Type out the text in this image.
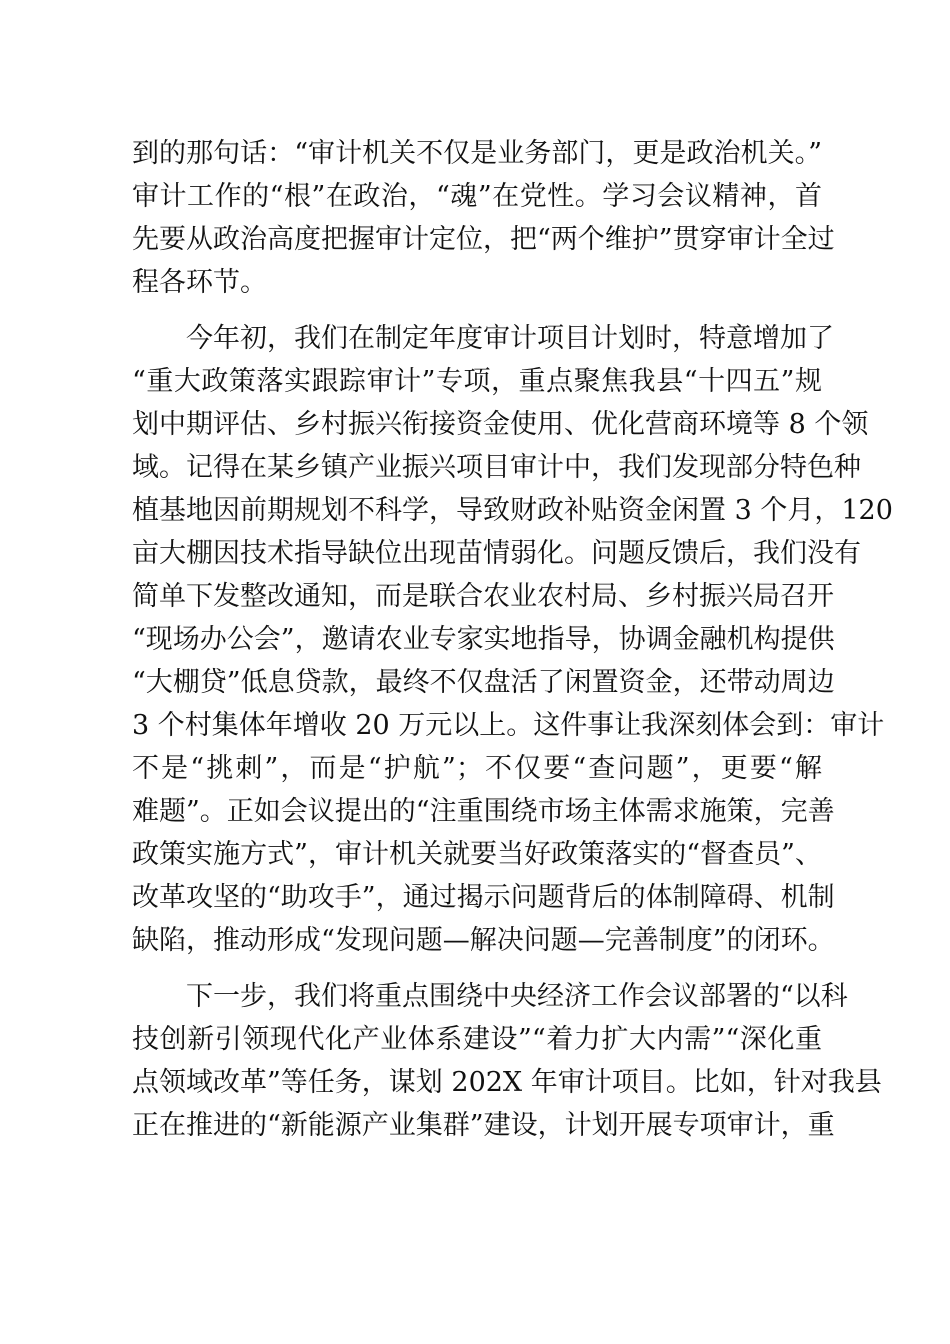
到的那句话：“审计机关不仅是业务部门，更是政治机关。”
审计工作的“根”在政治，“魂”在党性。学习会议精神，首
先要从政治高度把握审计定位，把“两个维护”贯穿审计全过
程各环节。
　　今年初，我们在制定年度审计项目计划时，特意增加了
“重大政策落实跟踪审计”专项，重点聚焦我县“十四五”规
划中期评估、乡村振兴衔接资金使用、优化营商环境等 8 个领
域。记得在某乡镇产业振兴项目审计中，我们发现部分特色种
植基地因前期规划不科学，导致财政补贴资金闲置 3 个月，120
亩大棚因技术指导缺位出现苗情弱化。问题反馈后，我们没有
简单下发整改通知，而是联合农业农村局、乡村振兴局召开
“现场办公会”，邀请农业专家实地指导，协调金融机构提供
“大棚贷”低息贷款，最终不仅盘活了闲置资金，还带动周边
3 个村集体年增收 20 万元以上。这件事让我深刻体会到：审计
不是“挑刺”，而是“护航”；不仅要“查问题”，更要“解
难题”。正如会议提出的“注重围绕市场主体需求施策，完善
政策实施方式”，审计机关就要当好政策落实的“督查员”、
改革攻坚的“助攻手”，通过揭示问题背后的体制障碍、机制
缺陷，推动形成“发现问题—解决问题—完善制度”的闭环。
　　下一步，我们将重点围绕中央经济工作会议部署的“以科
技创新引领现代化产业体系建设”“着力扩大内需”“深化重
点领域改革”等任务，谋划 202X 年审计项目。比如，针对我县
正在推进的“新能源产业集群”建设，计划开展专项审计，重
